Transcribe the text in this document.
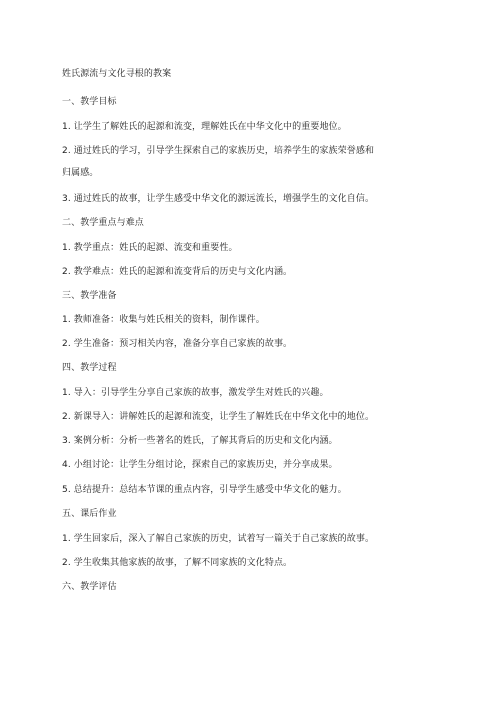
姓氏源流与文化寻根的教案
一、教学目标
1. 让学生了解姓氏的起源和流变，理解姓氏在中华文化中的重要地位。
2. 通过姓氏的学习，引导学生探索自己的家族历史，培养学生的家族荣誉感和
归属感。
3. 通过姓氏的故事，让学生感受中华文化的源远流长，增强学生的文化自信。
二、教学重点与难点
1. 教学重点：姓氏的起源、流变和重要性。
2. 教学难点：姓氏的起源和流变背后的历史与文化内涵。
三、教学准备
1. 教师准备：收集与姓氏相关的资料，制作课件。
2. 学生准备：预习相关内容，准备分享自己家族的故事。
四、教学过程
1. 导入：引导学生分享自己家族的故事，激发学生对姓氏的兴趣。
2. 新课导入：讲解姓氏的起源和流变，让学生了解姓氏在中华文化中的地位。
3. 案例分析：分析一些著名的姓氏，了解其背后的历史和文化内涵。
4. 小组讨论：让学生分组讨论，探索自己的家族历史，并分享成果。
5. 总结提升：总结本节课的重点内容，引导学生感受中华文化的魅力。
五、课后作业
1. 学生回家后，深入了解自己家族的历史，试着写一篇关于自己家族的故事。
2. 学生收集其他家族的故事，了解不同家族的文化特点。
六、教学评估
